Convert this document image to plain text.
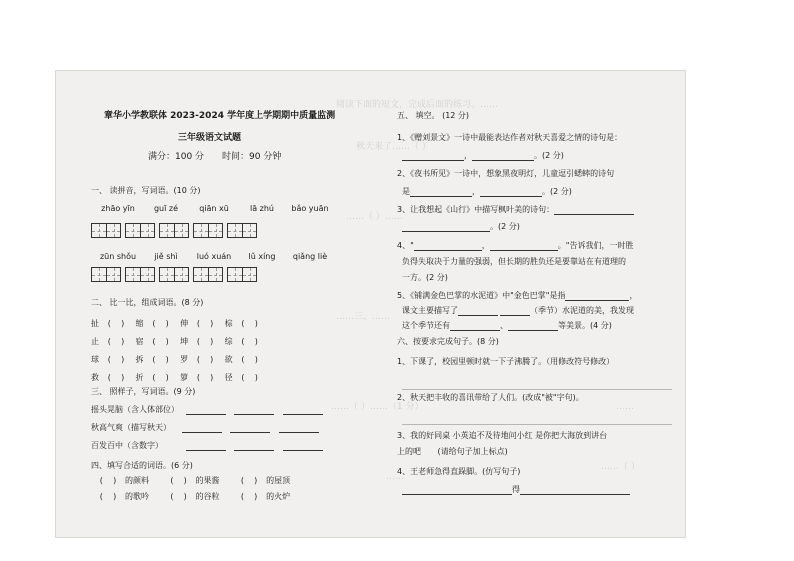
阅读下面的短文，完成后面的练习。……
秋天来了……（ ）
……（ ）……
……三、……
……（ ）……（1 分）
……
……
……（ ）
章华小学教联体 2023-2024 学年度上学期期中质量监测
三年级语文试题
满分：100 分 时间：90 分钟
一、 读拼音，写词语。(10 分)
zhāo yīn	guī zé	qiān xū	lā zhú	bǎo yuān
zūn shǒu	jiě shì	luó xuán	lǔ xíng	qiǎng liè
二、 比一比，组成词语。(8 分)
扯 (    ) 缩 (    ) 伸 (    ) 棕 (    )
止 (    ) 宿 (    ) 坤 (    ) 综 (    )
球 (    ) 拆 (    ) 罗 (    ) 欲 (    )
救 (    ) 折 (    ) 箩 (    ) 径 (    )
三、 照样子，写词语。(9 分)
摇头晃脑（含人体部位）
秋高气爽（描写秋天）
百发百中（含数字）
四、填写合适的词语。(6 分)
(    ) 的颜料	(    ) 的果酱	(    ) 的屋顶
(    ) 的歌吟	(    ) 的谷粒	(    ) 的火炉
五、 填空。 (12 分)
1、《赠刘景文》一诗中最能表达作者对秋天喜爱之情的诗句是：
，	。(2 分)
2、《夜书所见》一诗中，想象黑夜明灯，儿童逗引蟋蟀的诗句
是	，	。(2 分)
3、让我想起《山行》中描写枫叶美的诗句：
。(2 分)
4、"	，	。"告诉我们，一时胜
负得失取决于力量的强弱，但长期的胜负还是要靠站在有道理的
一方。(2 分)
5、《铺满金色巴掌的水泥道》中"金色巴掌"是指	，
课文主要描写了	（季节）水泥道的美，我发现
这个季节还有	、	等美景。(4 分)
六、按要求完成句子。(8 分)
1、下课了，校园里顿时就一下子沸腾了。（用修改符号修改）
2、秋天把丰收的喜讯带给了人们。(改成"被"字句)。
3、我的好同桌 小英追不及待地问小红 是你把大海放到讲台
上的吧 (请给句子加上标点)
4、王老师急得直跺脚。(仿写句子)
得
